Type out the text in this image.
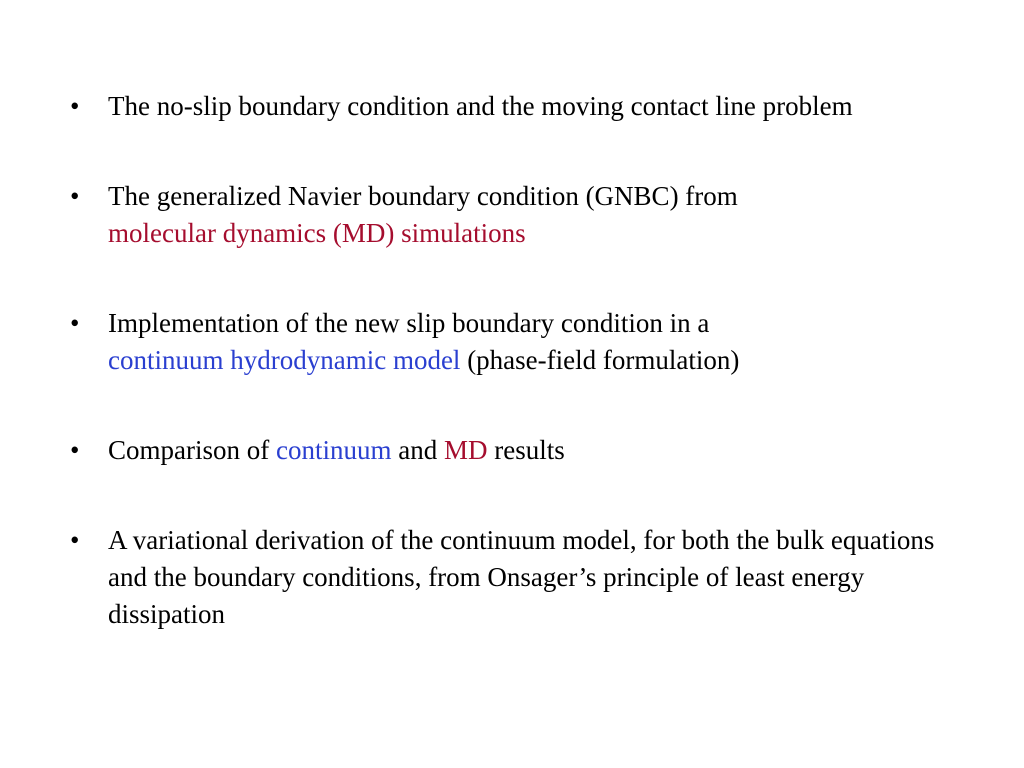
• The no-slip boundary condition and the moving contact line problem
• The generalized Navier boundary condition (GNBC) from
molecular dynamics (MD) simulations
• Implementation of the new slip boundary condition in a
continuum hydrodynamic model (phase-field formulation)
• Comparison of continuum and MD results
• A variational derivation of the continuum model, for both the bulk equations and the boundary conditions, from Onsager’s principle of least energy dissipation
